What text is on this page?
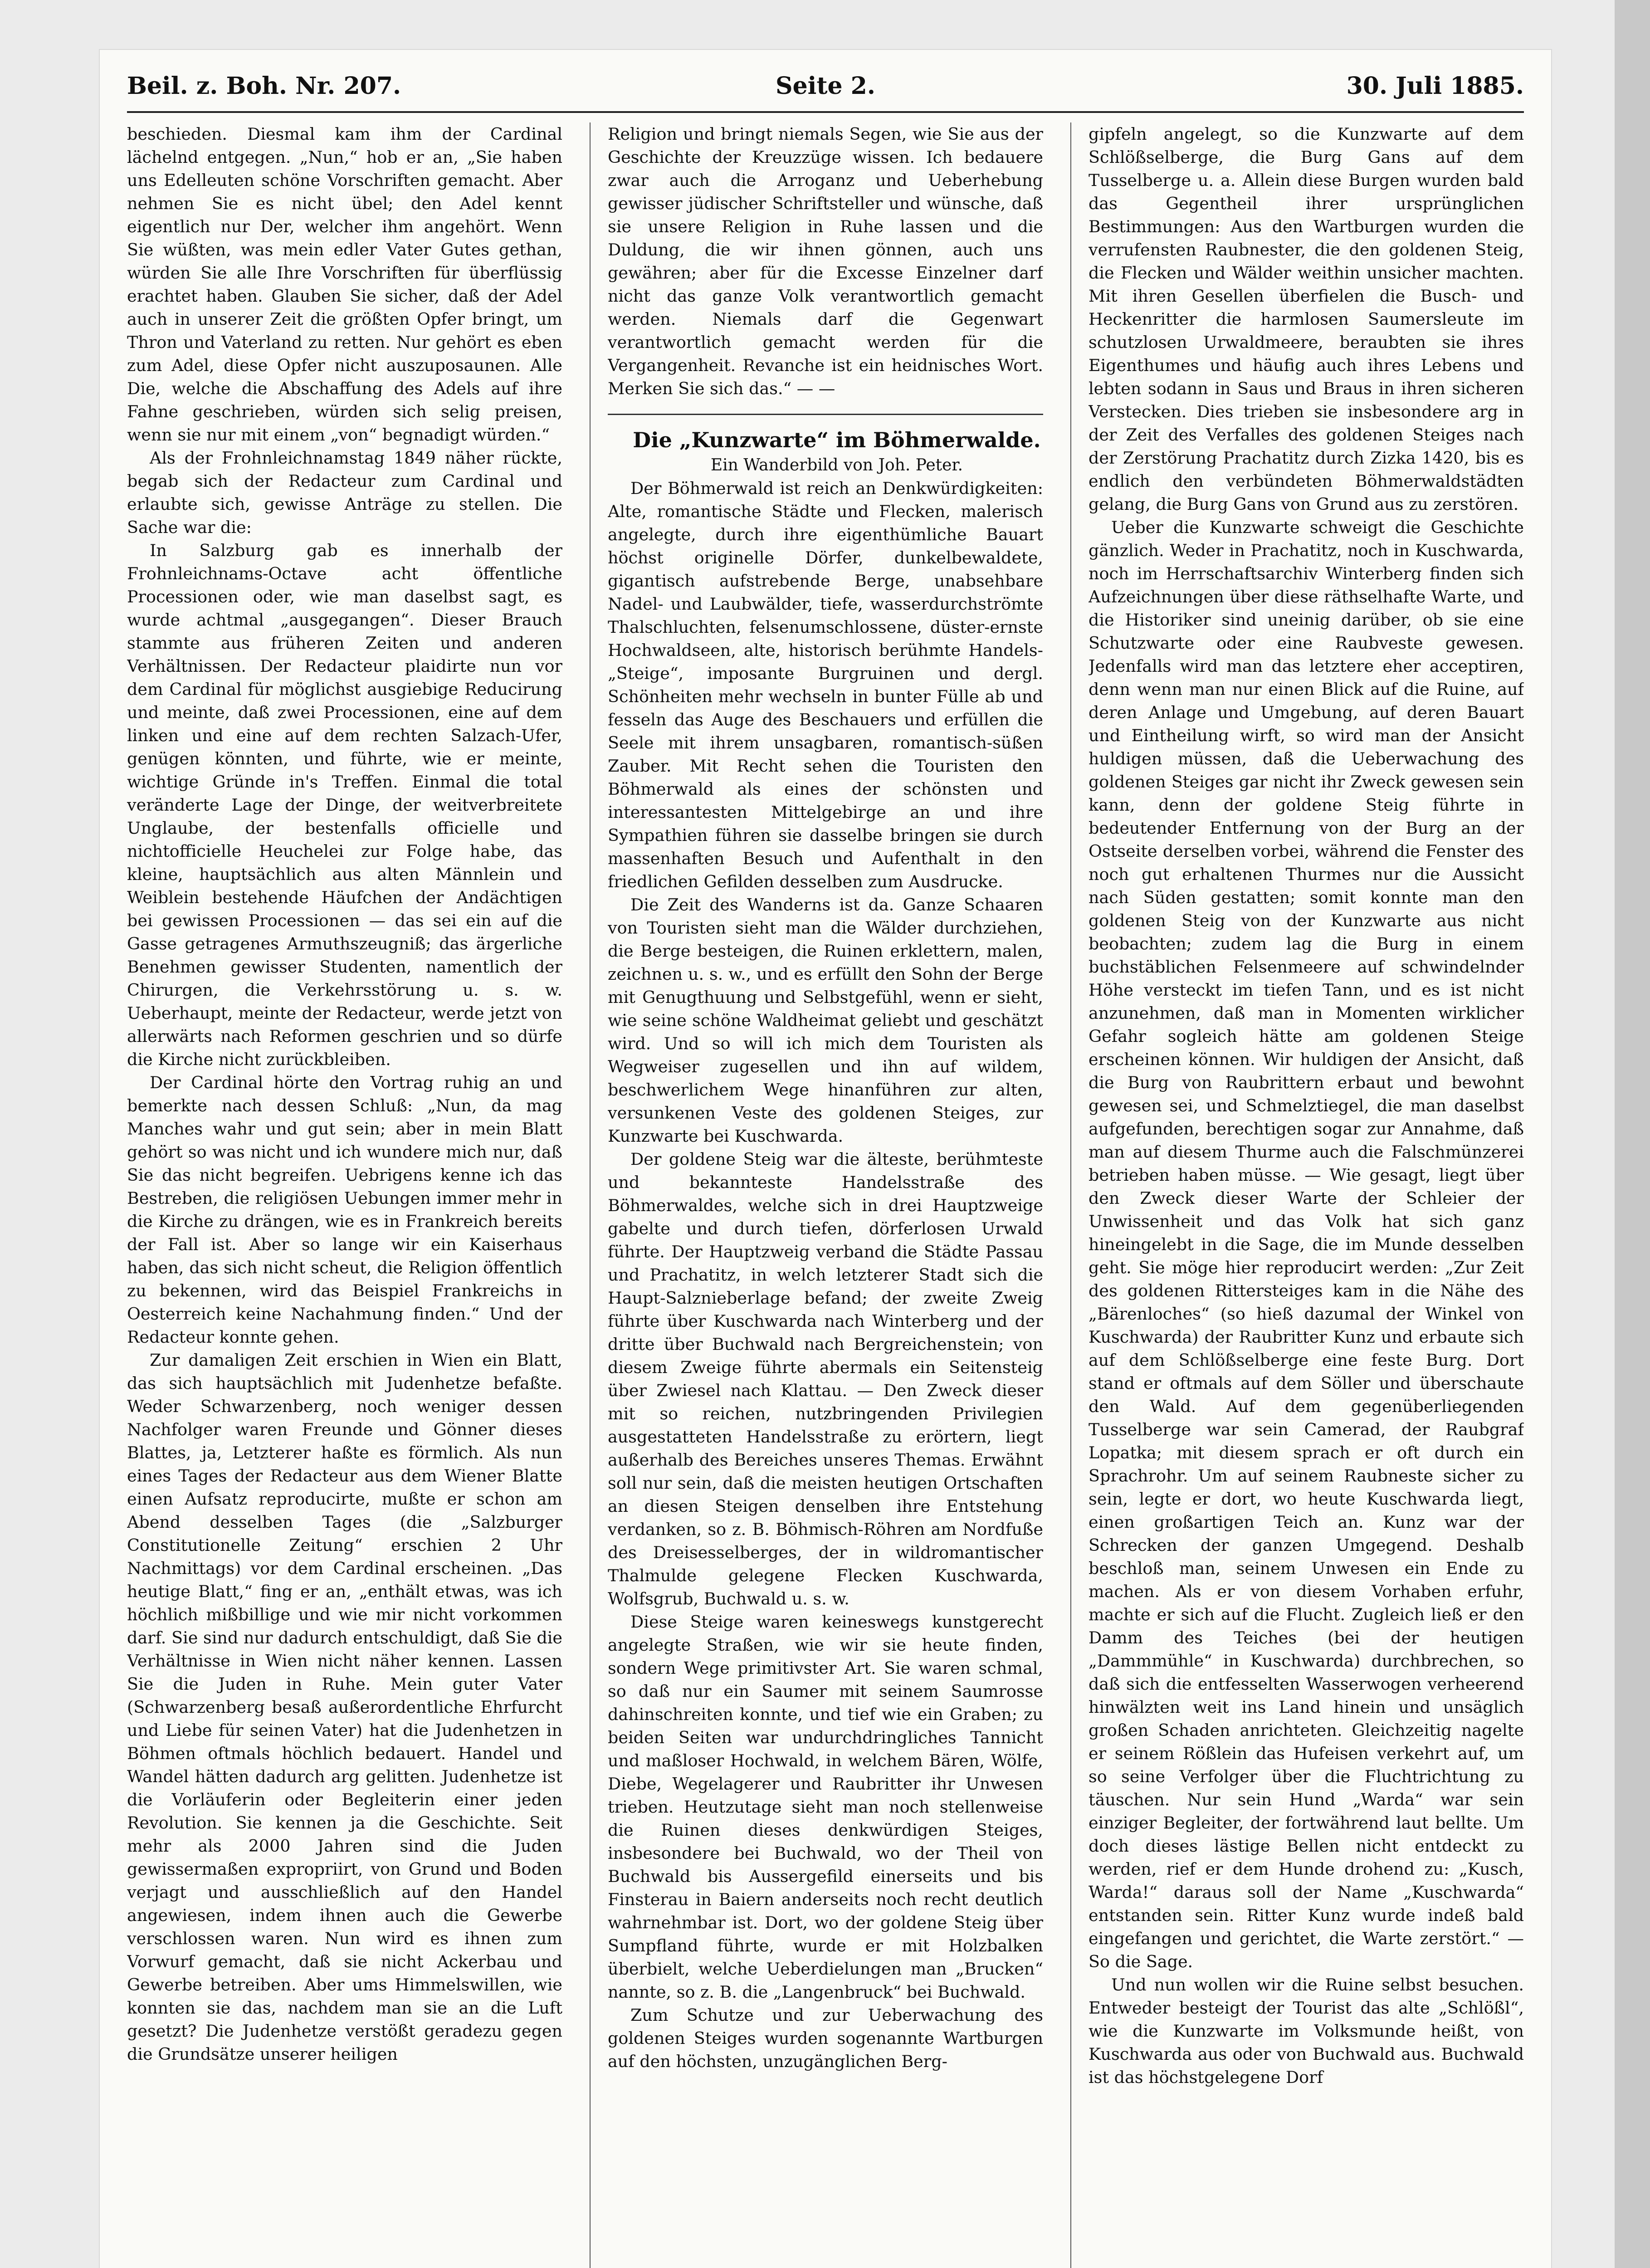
Beil. z. Boh. Nr. 207.	Seite 2.	30. Juli 1885.

beschieden. Diesmal kam ihm der Cardinal lächelnd entgegen. „Nun,“ hob er an, „Sie haben uns Edelleuten schöne Vorschriften gemacht. Aber nehmen Sie es nicht übel; den Adel kennt eigentlich nur Der, welcher ihm angehört. Wenn Sie wüßten, was mein edler Vater Gutes gethan, würden Sie alle Ihre Vorschriften für überflüssig erachtet haben. Glauben Sie sicher, daß der Adel auch in unserer Zeit die größten Opfer bringt, um Thron und Vaterland zu retten. Nur gehört es eben zum Adel, diese Opfer nicht auszuposaunen. Alle Die, welche die Abschaffung des Adels auf ihre Fahne geschrieben, würden sich selig preisen, wenn sie nur mit einem „von“ begnadigt würden.“

Als der Frohnleichnamstag 1849 näher rückte, begab sich der Redacteur zum Cardinal und erlaubte sich, gewisse Anträge zu stellen. Die Sache war die:

In Salzburg gab es innerhalb der Frohnleichnams-Octave acht öffentliche Processionen oder, wie man daselbst sagt, es wurde achtmal „ausgegangen“. Dieser Brauch stammte aus früheren Zeiten und anderen Verhältnissen. Der Redacteur plaidirte nun vor dem Cardinal für möglichst ausgiebige Reducirung und meinte, daß zwei Processionen, eine auf dem linken und eine auf dem rechten Salzach-Ufer, genügen könnten, und führte, wie er meinte, wichtige Gründe in's Treffen. Einmal die total veränderte Lage der Dinge, der weitverbreitete Unglaube, der bestenfalls officielle und nichtofficielle Heuchelei zur Folge habe, das kleine, hauptsächlich aus alten Männlein und Weiblein bestehende Häufchen der Andächtigen bei gewissen Processionen — das sei ein auf die Gasse getragenes Armuthszeugniß; das ärgerliche Benehmen gewisser Studenten, namentlich der Chirurgen, die Verkehrsstörung u. s. w. Ueberhaupt, meinte der Redacteur, werde jetzt von allerwärts nach Reformen geschrien und so dürfe die Kirche nicht zurückbleiben.

Der Cardinal hörte den Vortrag ruhig an und bemerkte nach dessen Schluß: „Nun, da mag Manches wahr und gut sein; aber in mein Blatt gehört so was nicht und ich wundere mich nur, daß Sie das nicht begreifen. Uebrigens kenne ich das Bestreben, die religiösen Uebungen immer mehr in die Kirche zu drängen, wie es in Frankreich bereits der Fall ist. Aber so lange wir ein Kaiserhaus haben, das sich nicht scheut, die Religion öffentlich zu bekennen, wird das Beispiel Frankreichs in Oesterreich keine Nachahmung finden.“ Und der Redacteur konnte gehen.

Zur damaligen Zeit erschien in Wien ein Blatt, das sich hauptsächlich mit Judenhetze befaßte. Weder Schwarzenberg, noch weniger dessen Nachfolger waren Freunde und Gönner dieses Blattes, ja, Letzterer haßte es förmlich. Als nun eines Tages der Redacteur aus dem Wiener Blatte einen Aufsatz reproducirte, mußte er schon am Abend desselben Tages (die „Salzburger Constitutionelle Zeitung“ erschien 2 Uhr Nachmittags) vor dem Cardinal erscheinen. „Das heutige Blatt,“ fing er an, „enthält etwas, was ich höchlich mißbillige und wie mir nicht vorkommen darf. Sie sind nur dadurch entschuldigt, daß Sie die Verhältnisse in Wien nicht näher kennen. Lassen Sie die Juden in Ruhe. Mein guter Vater (Schwarzenberg besaß außerordentliche Ehrfurcht und Liebe für seinen Vater) hat die Judenhetzen in Böhmen oftmals höchlich bedauert. Handel und Wandel hätten dadurch arg gelitten. Judenhetze ist die Vorläuferin oder Begleiterin einer jeden Revolution. Sie kennen ja die Geschichte. Seit mehr als 2000 Jahren sind die Juden gewissermaßen expropriirt, von Grund und Boden verjagt und ausschließlich auf den Handel angewiesen, indem ihnen auch die Gewerbe verschlossen waren. Nun wird es ihnen zum Vorwurf gemacht, daß sie nicht Ackerbau und Gewerbe betreiben. Aber ums Himmelswillen, wie konnten sie das, nachdem man sie an die Luft gesetzt? Die Judenhetze verstößt geradezu gegen die Grundsätze unserer heiligen

Religion und bringt niemals Segen, wie Sie aus der Geschichte der Kreuzzüge wissen. Ich bedauere zwar auch die Arroganz und Ueberhebung gewisser jüdischer Schriftsteller und wünsche, daß sie unsere Religion in Ruhe lassen und die Duldung, die wir ihnen gönnen, auch uns gewähren; aber für die Excesse Einzelner darf nicht das ganze Volk verantwortlich gemacht werden. Niemals darf die Gegenwart verantwortlich gemacht werden für die Vergangenheit. Revanche ist ein heidnisches Wort. Merken Sie sich das.“ — —

Die „Kunzwarte“ im Böhmerwalde.

Ein Wanderbild von Joh. Peter.

Der Böhmerwald ist reich an Denkwürdigkeiten: Alte, romantische Städte und Flecken, malerisch angelegte, durch ihre eigenthümliche Bauart höchst originelle Dörfer, dunkelbewaldete, gigantisch aufstrebende Berge, unabsehbare Nadel- und Laubwälder, tiefe, wasserdurchströmte Thalschluchten, felsenumschlossene, düster-ernste Hochwaldseen, alte, historisch berühmte Handels-„Steige“, imposante Burgruinen und dergl. Schönheiten mehr wechseln in bunter Fülle ab und fesseln das Auge des Beschauers und erfüllen die Seele mit ihrem unsagbaren, romantisch-süßen Zauber. Mit Recht sehen die Touristen den Böhmerwald als eines der schönsten und interessantesten Mittelgebirge an und ihre Sympathien führen sie dasselbe bringen sie durch massenhaften Besuch und Aufenthalt in den friedlichen Gefilden desselben zum Ausdrucke.

Die Zeit des Wanderns ist da. Ganze Schaaren von Touristen sieht man die Wälder durchziehen, die Berge besteigen, die Ruinen erklettern, malen, zeichnen u. s. w., und es erfüllt den Sohn der Berge mit Genugthuung und Selbstgefühl, wenn er sieht, wie seine schöne Waldheimat geliebt und geschätzt wird. Und so will ich mich dem Touristen als Wegweiser zugesellen und ihn auf wildem, beschwerlichem Wege hinanführen zur alten, versunkenen Veste des goldenen Steiges, zur Kunzwarte bei Kuschwarda.

Der goldene Steig war die älteste, berühmteste und bekannteste Handelsstraße des Böhmerwaldes, welche sich in drei Hauptzweige gabelte und durch tiefen, dörferlosen Urwald führte. Der Hauptzweig verband die Städte Passau und Prachatitz, in welch letzterer Stadt sich die Haupt-Salznieberlage befand; der zweite Zweig führte über Kuschwarda nach Winterberg und der dritte über Buchwald nach Bergreichenstein; von diesem Zweige führte abermals ein Seitensteig über Zwiesel nach Klattau. — Den Zweck dieser mit so reichen, nutzbringenden Privilegien ausgestatteten Handelsstraße zu erörtern, liegt außerhalb des Bereiches unseres Themas. Erwähnt soll nur sein, daß die meisten heutigen Ortschaften an diesen Steigen denselben ihre Entstehung verdanken, so z. B. Böhmisch-Röhren am Nordfuße des Dreisesselberges, der in wildromantischer Thalmulde gelegene Flecken Kuschwarda, Wolfsgrub, Buchwald u. s. w.

Diese Steige waren keineswegs kunstgerecht angelegte Straßen, wie wir sie heute finden, sondern Wege primitivster Art. Sie waren schmal, so daß nur ein Saumer mit seinem Saumrosse dahinschreiten konnte, und tief wie ein Graben; zu beiden Seiten war undurchdringliches Tannicht und maßloser Hochwald, in welchem Bären, Wölfe, Diebe, Wegelagerer und Raubritter ihr Unwesen trieben. Heutzutage sieht man noch stellenweise die Ruinen dieses denkwürdigen Steiges, insbesondere bei Buchwald, wo der Theil von Buchwald bis Aussergefild einerseits und bis Finsterau in Baiern anderseits noch recht deutlich wahrnehmbar ist. Dort, wo der goldene Steig über Sumpfland führte, wurde er mit Holzbalken überbielt, welche Ueberdielungen man „Brucken“ nannte, so z. B. die „Langenbruck“ bei Buchwald.

Zum Schutze und zur Ueberwachung des goldenen Steiges wurden sogenannte Wartburgen auf den höchsten, unzugänglichen Berg-

gipfeln angelegt, so die Kunzwarte auf dem Schlößselberge, die Burg Gans auf dem Tusselberge u. a. Allein diese Burgen wurden bald das Gegentheil ihrer ursprünglichen Bestimmungen: Aus den Wartburgen wurden die verrufensten Raubnester, die den goldenen Steig, die Flecken und Wälder weithin unsicher machten. Mit ihren Gesellen überfielen die Busch- und Heckenritter die harmlosen Saumersleute im schutzlosen Urwaldmeere, beraubten sie ihres Eigenthumes und häufig auch ihres Lebens und lebten sodann in Saus und Braus in ihren sicheren Verstecken. Dies trieben sie insbesondere arg in der Zeit des Verfalles des goldenen Steiges nach der Zerstörung Prachatitz durch Zizka 1420, bis es endlich den verbündeten Böhmerwaldstädten gelang, die Burg Gans von Grund aus zu zerstören.

Ueber die Kunzwarte schweigt die Geschichte gänzlich. Weder in Prachatitz, noch in Kuschwarda, noch im Herrschaftsarchiv Winterberg finden sich Aufzeichnungen über diese räthselhafte Warte, und die Historiker sind uneinig darüber, ob sie eine Schutzwarte oder eine Raubveste gewesen. Jedenfalls wird man das letztere eher acceptiren, denn wenn man nur einen Blick auf die Ruine, auf deren Anlage und Umgebung, auf deren Bauart und Eintheilung wirft, so wird man der Ansicht huldigen müssen, daß die Ueberwachung des goldenen Steiges gar nicht ihr Zweck gewesen sein kann, denn der goldene Steig führte in bedeutender Entfernung von der Burg an der Ostseite derselben vorbei, während die Fenster des noch gut erhaltenen Thurmes nur die Aussicht nach Süden gestatten; somit konnte man den goldenen Steig von der Kunzwarte aus nicht beobachten; zudem lag die Burg in einem buchstäblichen Felsenmeere auf schwindelnder Höhe versteckt im tiefen Tann, und es ist nicht anzunehmen, daß man in Momenten wirklicher Gefahr sogleich hätte am goldenen Steige erscheinen können. Wir huldigen der Ansicht, daß die Burg von Raubrittern erbaut und bewohnt gewesen sei, und Schmelztiegel, die man daselbst aufgefunden, berechtigen sogar zur Annahme, daß man auf diesem Thurme auch die Falschmünzerei betrieben haben müsse. — Wie gesagt, liegt über den Zweck dieser Warte der Schleier der Unwissenheit und das Volk hat sich ganz hineingelebt in die Sage, die im Munde desselben geht. Sie möge hier reproducirt werden: „Zur Zeit des goldenen Rittersteiges kam in die Nähe des „Bärenloches“ (so hieß dazumal der Winkel von Kuschwarda) der Raubritter Kunz und erbaute sich auf dem Schlößselberge eine feste Burg. Dort stand er oftmals auf dem Söller und überschaute den Wald. Auf dem gegenüberliegenden Tusselberge war sein Camerad, der Raubgraf Lopatka; mit diesem sprach er oft durch ein Sprachrohr. Um auf seinem Raubneste sicher zu sein, legte er dort, wo heute Kuschwarda liegt, einen großartigen Teich an. Kunz war der Schrecken der ganzen Umgegend. Deshalb beschloß man, seinem Unwesen ein Ende zu machen. Als er von diesem Vorhaben erfuhr, machte er sich auf die Flucht. Zugleich ließ er den Damm des Teiches (bei der heutigen „Dammmühle“ in Kuschwarda) durchbrechen, so daß sich die entfesselten Wasserwogen verheerend hinwälzten weit ins Land hinein und unsäglich großen Schaden anrichteten. Gleichzeitig nagelte er seinem Rößlein das Hufeisen verkehrt auf, um so seine Verfolger über die Fluchtrichtung zu täuschen. Nur sein Hund „Warda“ war sein einziger Begleiter, der fortwährend laut bellte. Um doch dieses lästige Bellen nicht entdeckt zu werden, rief er dem Hunde drohend zu: „Kusch, Warda!“ daraus soll der Name „Kuschwarda“ entstanden sein. Ritter Kunz wurde indeß bald eingefangen und gerichtet, die Warte zerstört.“ — So die Sage.

Und nun wollen wir die Ruine selbst besuchen. Entweder besteigt der Tourist das alte „Schlößl“, wie die Kunzwarte im Volksmunde heißt, von Kuschwarda aus oder von Buchwald aus. Buchwald ist das höchstgelegene Dorf
